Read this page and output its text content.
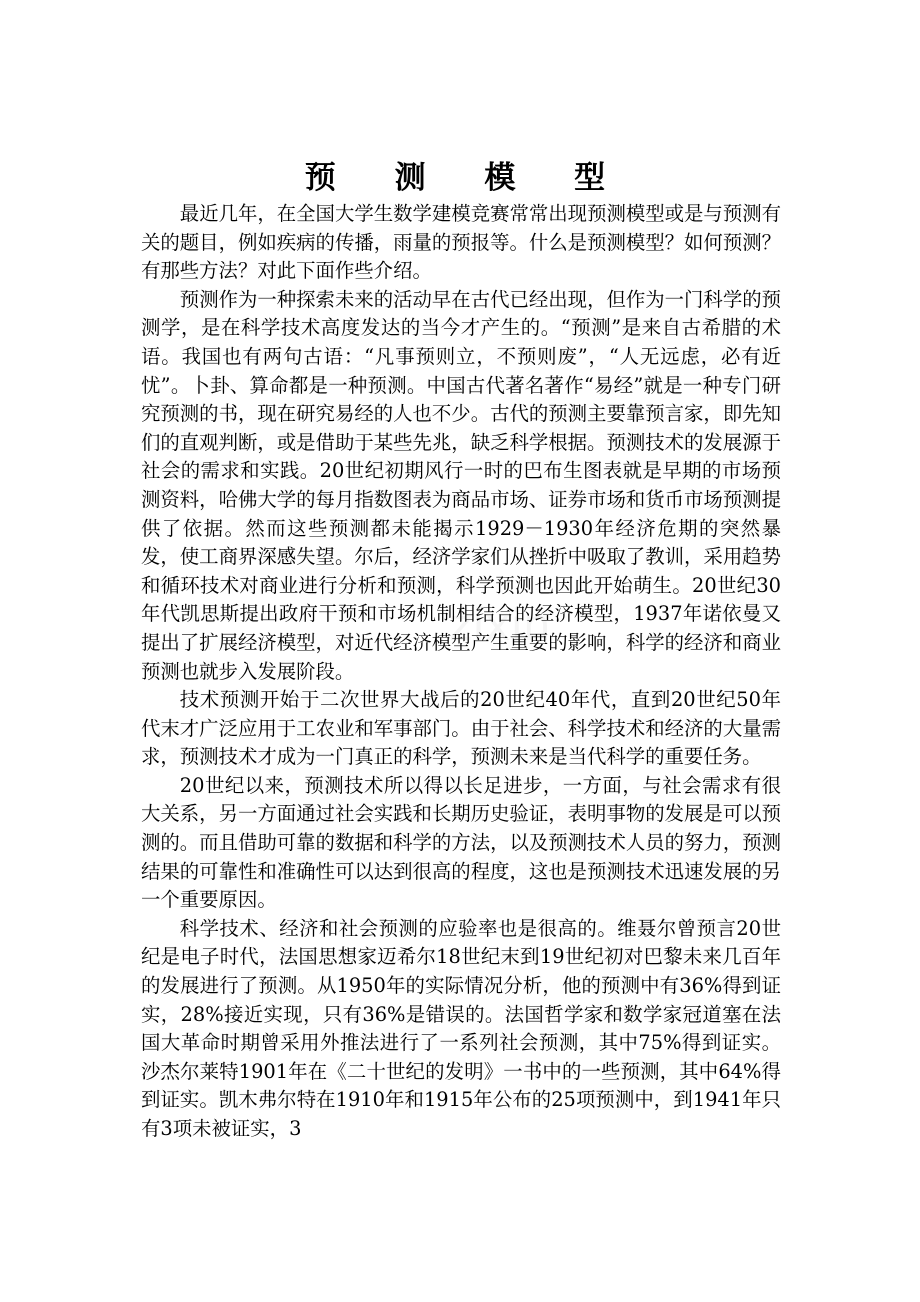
预 测 模 型

最近几年，在全国大学生数学建模竞赛常常出现预测模型或是与预测有关的题目，例如疾病的传播，雨量的预报等。什么是预测模型？如何预测？有那些方法？对此下面作些介绍。

预测作为一种探索未来的活动早在古代已经出现，但作为一门科学的预测学，是在科学技术高度发达的当今才产生的。“预测”是来自古希腊的术语。我国也有两句古语：“凡事预则立，不预则废”，“人无远虑，必有近忧”。卜卦、算命都是一种预测。中国古代著名著作“易经”就是一种专门研究预测的书，现在研究易经的人也不少。古代的预测主要靠预言家，即先知们的直观判断，或是借助于某些先兆，缺乏科学根据。预测技术的发展源于社会的需求和实践。20世纪初期风行一时的巴布生图表就是早期的市场预测资料，哈佛大学的每月指数图表为商品市场、证券市场和货币市场预测提供了依据。然而这些预测都未能揭示1929－1930年经济危期的突然暴发，使工商界深感失望。尔后，经济学家们从挫折中吸取了教训，采用趋势和循环技术对商业进行分析和预测，科学预测也因此开始萌生。20世纪30年代凯思斯提出政府干预和市场机制相结合的经济模型，1937年诺依曼又提出了扩展经济模型，对近代经济模型产生重要的影响，科学的经济和商业预测也就步入发展阶段。

技术预测开始于二次世界大战后的20世纪40年代，直到20世纪50年代末才广泛应用于工农业和军事部门。由于社会、科学技术和经济的大量需求，预测技术才成为一门真正的科学，预测未来是当代科学的重要任务。

20世纪以来，预测技术所以得以长足进步，一方面，与社会需求有很大关系，另一方面通过社会实践和长期历史验证，表明事物的发展是可以预测的。而且借助可靠的数据和科学的方法，以及预测技术人员的努力，预测结果的可靠性和准确性可以达到很高的程度，这也是预测技术迅速发展的另一个重要原因。

科学技术、经济和社会预测的应验率也是很高的。维聂尔曾预言20世纪是电子时代，法国思想家迈希尔18世纪末到19世纪初对巴黎未来几百年的发展进行了预测。从1950年的实际情况分析，他的预测中有36%得到证实，28%接近实现，只有36%是错误的。法国哲学家和数学家冠道塞在法国大革命时期曾采用外推法进行了一系列社会预测，其中75%得到证实。沙杰尔莱特1901年在《二十世纪的发明》一书中的一些预测，其中64%得到证实。凯木弗尔特在1910年和1915年公布的25项预测中，到1941年只有3项未被证实，3
